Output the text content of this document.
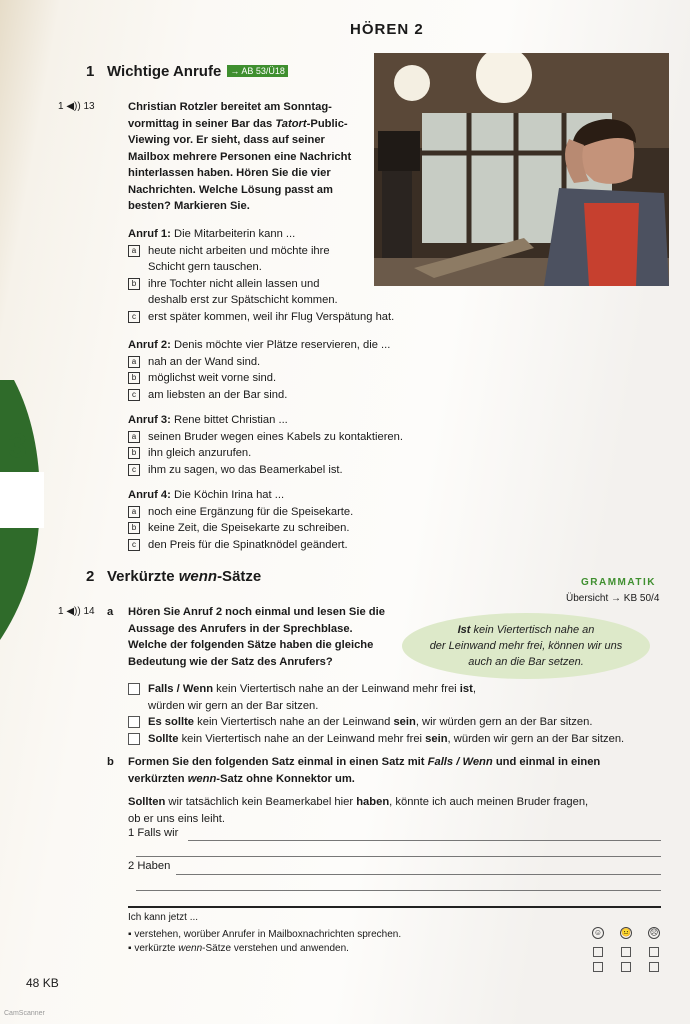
3
HÖREN 2
1 Wichtige Anrufe → AB 53/Ü18
1 ◀)) 13	Christian Rotzler bereitet am Sonntag-
vormittag in seiner Bar das Tatort-Public-
Viewing vor. Er sieht, dass auf seiner
Mailbox mehrere Personen eine Nachricht
hinterlassen haben. Hören Sie die vier
Nachrichten. Welche Lösung passt am
besten? Markieren Sie.
Anruf 1: Die Mitarbeiterin kann ...
a	heute nicht arbeiten und möchte ihre
Schicht gern tauschen.
b	ihre Tochter nicht allein lassen und
deshalb erst zur Spätschicht kommen.
c	erst später kommen, weil ihr Flug Verspätung hat.
Anruf 2: Denis möchte vier Plätze reservieren, die ...
a	nah an der Wand sind.
b	möglichst weit vorne sind.
c	am liebsten an der Bar sind.
Anruf 3: Rene bittet Christian ...
a	seinen Bruder wegen eines Kabels zu kontaktieren.
b	ihn gleich anzurufen.
c	ihm zu sagen, wo das Beamerkabel ist.
Anruf 4: Die Köchin Irina hat ...
a	noch eine Ergänzung für die Speisekarte.
b	keine Zeit, die Speisekarte zu schreiben.
c	den Preis für die Spinatknödel geändert.
2 Verkürzte wenn-Sätze	GRAMMATIK
Übersicht → KB 50/4
1 ◀)) 14 a Hören Sie Anruf 2 noch einmal und lesen Sie die
Aussage des Anrufers in der Sprechblase.
Welche der folgenden Sätze haben die gleiche
Bedeutung wie der Satz des Anrufers?
Ist kein Viertertisch nahe an
der Leinwand mehr frei, können wir uns
auch an die Bar setzen.
Falls / Wenn kein Viertertisch nahe an der Leinwand mehr frei ist,
würden wir gern an der Bar sitzen.
Es sollte kein Viertertisch nahe an der Leinwand sein, wir würden gern an der Bar sitzen.
Sollte kein Viertertisch nahe an der Leinwand mehr frei sein, würden wir gern an der Bar sitzen.
b Formen Sie den folgenden Satz einmal in einen Satz mit Falls / Wenn und einmal in einen
verkürzten wenn-Satz ohne Konnektor um.
Sollten wir tatsächlich kein Beamerkabel hier haben, könnte ich auch meinen Bruder fragen,
ob er uns eins leiht.
1 Falls wir
2 Haben
Ich kann jetzt ...
▪ verstehen, worüber Anrufer in Mailboxnachrichten sprechen.
▪ verkürzte wenn-Sätze verstehen und anwenden.
☺ 😐 ☹
48 KB
CamScanner
